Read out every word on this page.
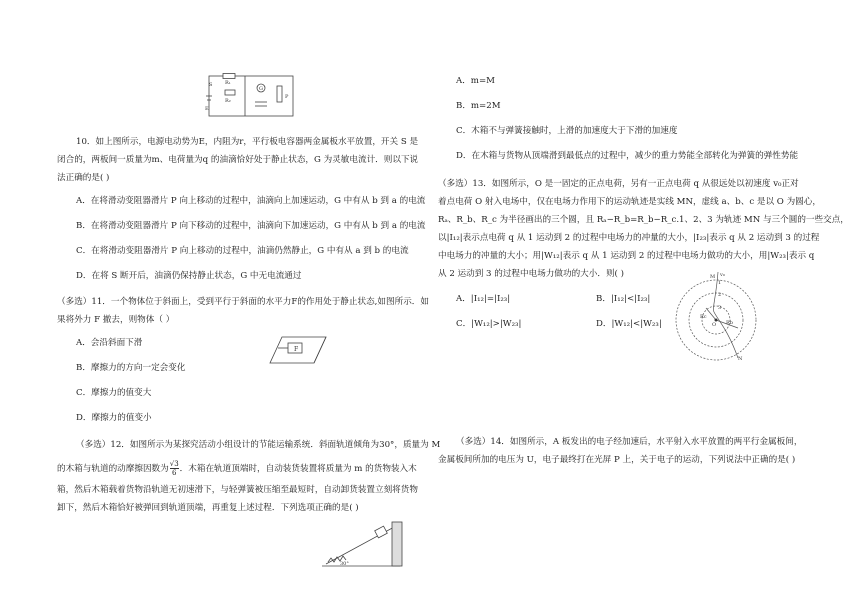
R₁
R₂
G
P
E
S
10．如上图所示，电源电动势为E，内阻为r，平行板电容器两金属板水平放置，开关 S 是
闭合的，两板间一质量为m、电荷量为q 的油滴恰好处于静止状态，G 为灵敏电流计．则以下说
法正确的是( )
A．在将滑动变阻器滑片 P 向上移动的过程中，油滴向上加速运动，G 中有从 b 到 a 的电流
B．在将滑动变阻器滑片 P 向下移动的过程中，油滴向下加速运动，G 中有从 b 到 a 的电流
C．在将滑动变阻器滑片 P 向上移动的过程中，油滴仍然静止，G 中有从 a 到 b 的电流
D．在将 S 断开后，油滴仍保持静止状态，G 中无电流通过
（多选）11．一个物体位于斜面上，受到平行于斜面的水平力F的作用处于静止状态,如图所示．如
果将外力 F 撤去，则物体（ ）
A．会沿斜面下滑
B．摩擦力的方向一定会变化
C．摩擦力的值变大
D．摩擦力的值变小
F
（多选）12．如图所示为某探究活动小组设计的节能运输系统．斜面轨道倾角为30°，质量为 M
的木箱与轨道的动摩擦因数为 $\frac{√3}{6}$ ．木箱在轨道顶端时，自动装货装置将质量为 m 的货物装入木
箱，然后木箱载着货物沿轨道无初速滑下，与轻弹簧被压缩至最短时，自动卸货装置立刻将货物
卸下，然后木箱恰好被弹回到轨道顶端，再重复上述过程．下列选项正确的是( )
30°
A．m=M
B．m=2M
C．木箱不与弹簧接触时，上滑的加速度大于下滑的加速度
D．在木箱与货物从顶端滑到最低点的过程中，减少的重力势能全部转化为弹簧的弹性势能
（多选）13．如图所示，O 是一固定的正点电荷，另有一正点电荷 q 从很远处以初速度 v₀正对
着点电荷 O 射入电场中，仅在电场力作用下的运动轨迹是实线 MN，虚线 a、b、c 是以 O 为圆心，
Rₐ、R_b、R_c 为半径画出的三个圆，且 Rₐ−R_b=R_b−R_c.1、2、3 为轨迹 MN 与三个圆的一些交点，
以|I₁₂|表示点电荷 q 从 1 运动到 2 的过程中电场力的冲量的大小，|I₂₃|表示 q 从 2 运动到 3 的过程
中电场力的冲量的大小；用|W₁₂|表示 q 从 1 运动到 2 的过程中电场力做功的大小，用|W₂₃|表示 q
从 2 运动到 3 的过程中电场力做功的大小．则( )
A．|I₁₂|=|I₂₃|	B．|I₁₂|<|I₂₃|
C．|W₁₂|>|W₂₃|	D．|W₁₂|<|W₂₃|
v₀
M
1
2
3
O
N
Rc
Rb
（多选）14．如图所示，A 板发出的电子经加速后，水平射入水平放置的两平行金属板间，
金属板间所加的电压为 U，电子最终打在光屏 P 上，关于电子的运动，下列说法中正确的是( )
